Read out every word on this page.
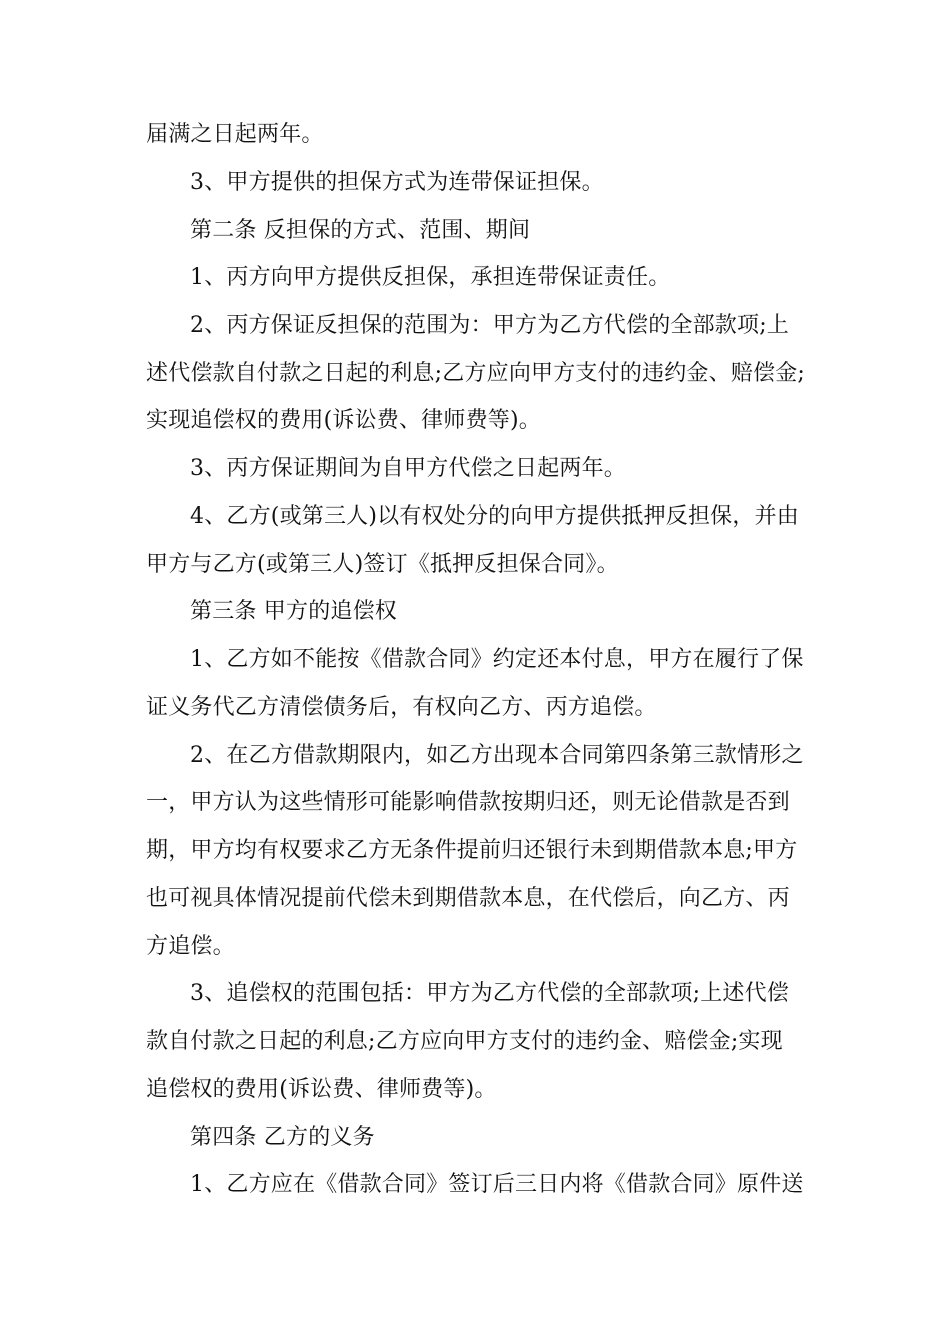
届满之日起两年。
3、甲方提供的担保方式为连带保证担保。
第二条 反担保的方式、范围、期间
1、丙方向甲方提供反担保，承担连带保证责任。
2、丙方保证反担保的范围为：甲方为乙方代偿的全部款项;上
述代偿款自付款之日起的利息;乙方应向甲方支付的违约金、赔偿金;
实现追偿权的费用(诉讼费、律师费等)。
3、丙方保证期间为自甲方代偿之日起两年。
4、乙方(或第三人)以有权处分的向甲方提供抵押反担保，并由
甲方与乙方(或第三人)签订《抵押反担保合同》。
第三条 甲方的追偿权
1、乙方如不能按《借款合同》约定还本付息，甲方在履行了保
证义务代乙方清偿债务后，有权向乙方、丙方追偿。
2、在乙方借款期限内，如乙方出现本合同第四条第三款情形之
一，甲方认为这些情形可能影响借款按期归还，则无论借款是否到
期，甲方均有权要求乙方无条件提前归还银行未到期借款本息;甲方
也可视具体情况提前代偿未到期借款本息，在代偿后，向乙方、丙
方追偿。
3、追偿权的范围包括：甲方为乙方代偿的全部款项;上述代偿
款自付款之日起的利息;乙方应向甲方支付的违约金、赔偿金;实现
追偿权的费用(诉讼费、律师费等)。
第四条 乙方的义务
1、乙方应在《借款合同》签订后三日内将《借款合同》原件送
